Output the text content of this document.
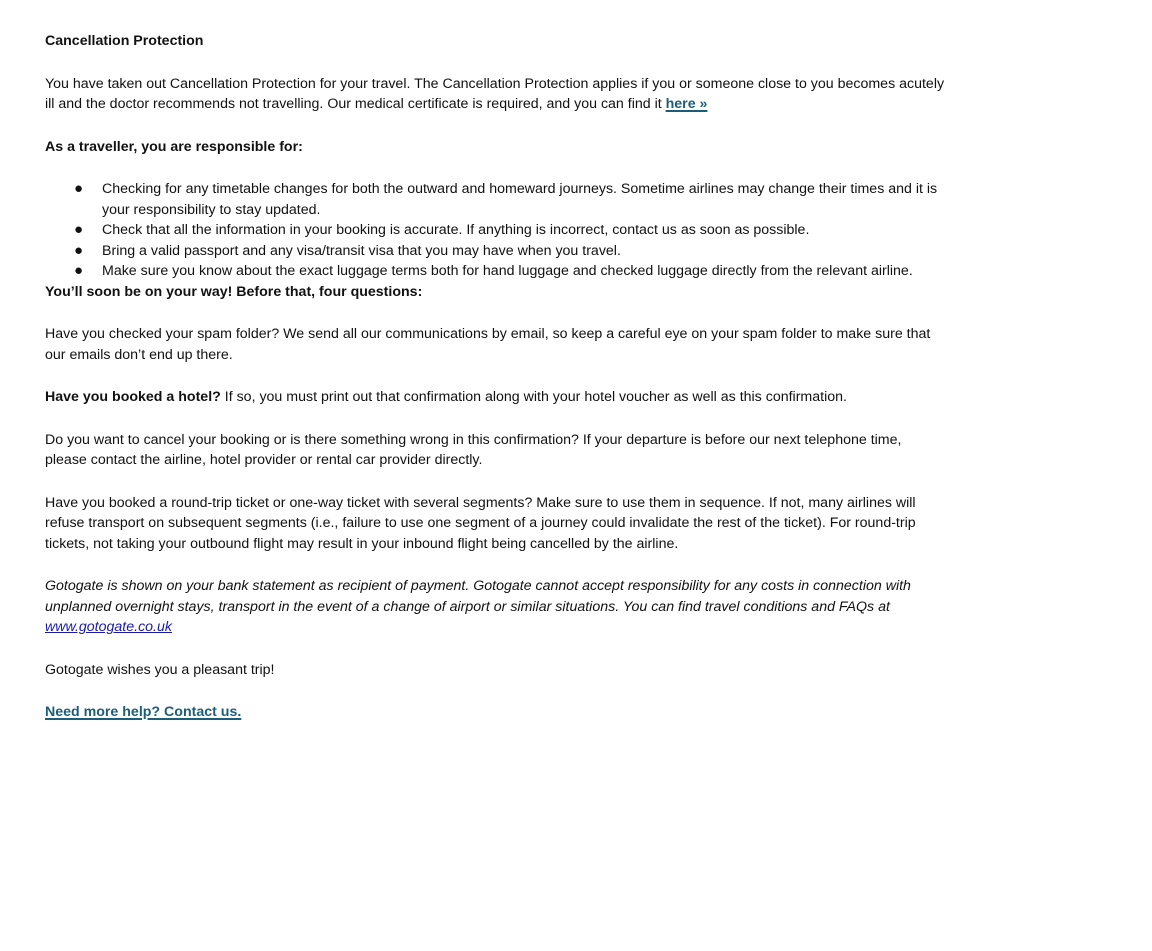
Cancellation Protection

You have taken out Cancellation Protection for your travel. The Cancellation Protection applies if you or someone close to you becomes acutely ill and the doctor recommends not travelling. Our medical certificate is required, and you can find it here »

As a traveller, you are responsible for:

● Checking for any timetable changes for both the outward and homeward journeys. Sometime airlines may change their times and it is your responsibility to stay updated.
● Check that all the information in your booking is accurate. If anything is incorrect, contact us as soon as possible.
● Bring a valid passport and any visa/transit visa that you may have when you travel.
● Make sure you know about the exact luggage terms both for hand luggage and checked luggage directly from the relevant airline.

You’ll soon be on your way! Before that, four questions:

Have you checked your spam folder? We send all our communications by email, so keep a careful eye on your spam folder to make sure that our emails don’t end up there.

Have you booked a hotel? If so, you must print out that confirmation along with your hotel voucher as well as this confirmation.

Do you want to cancel your booking or is there something wrong in this confirmation? If your departure is before our next telephone time, please contact the airline, hotel provider or rental car provider directly.

Have you booked a round-trip ticket or one-way ticket with several segments? Make sure to use them in sequence. If not, many airlines will refuse transport on subsequent segments (i.e., failure to use one segment of a journey could invalidate the rest of the ticket). For round-trip tickets, not taking your outbound flight may result in your inbound flight being cancelled by the airline.

Gotogate is shown on your bank statement as recipient of payment. Gotogate cannot accept responsibility for any costs in connection with unplanned overnight stays, transport in the event of a change of airport or similar situations. You can find travel conditions and FAQs at www.gotogate.co.uk

Gotogate wishes you a pleasant trip!

Need more help? Contact us.
